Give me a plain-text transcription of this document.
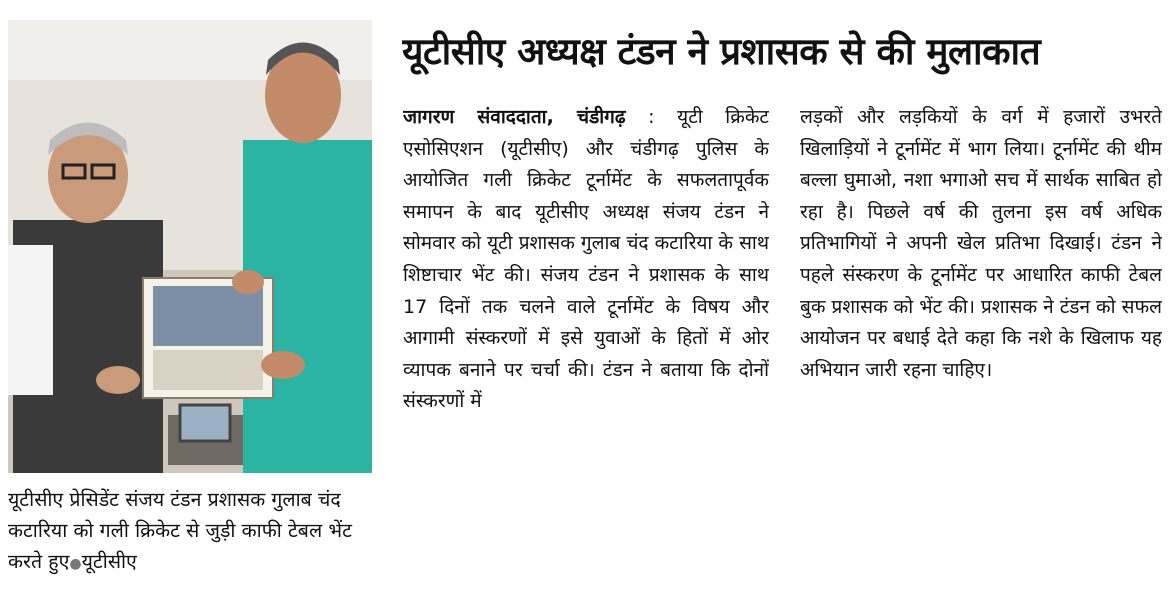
यूटीसीए अध्यक्ष टंडन ने प्रशासक से की मुलाकात
यूटीसीए प्रेसिडेंट संजय टंडन प्रशासक गुलाब चंद कटारिया को गली क्रिकेट से जुड़ी काफी टेबल भेंट करते हुए●यूटीसीए
जागरण संवाददाता, चंडीगढ़ : यूटी क्रिकेट एसोसिएशन (यूटीसीए) और चंडीगढ़ पुलिस के आयोजित गली क्रिकेट टूर्नामेंट के सफलतापूर्वक समापन के बाद यूटीसीए अध्यक्ष संजय टंडन ने सोमवार को यूटी प्रशासक गुलाब चंद कटारिया के साथ शिष्टाचार भेंट की। संजय टंडन ने प्रशासक के साथ 17 दिनों तक चलने वाले टूर्नामेंट के विषय और आगामी संस्करणों में इसे युवाओं के हितों में ओर व्यापक बनाने पर चर्चा की। टंडन ने बताया कि दोनों संस्करणों में
लड़कों और लड़कियों के वर्ग में हजारों उभरते खिलाड़ियों ने टूर्नामेंट में भाग लिया। टूर्नामेंट की थीम बल्ला घुमाओ, नशा भगाओ सच में सार्थक साबित हो रहा है। पिछले वर्ष की तुलना इस वर्ष अधिक प्रतिभागियों ने अपनी खेल प्रतिभा दिखाई। टंडन ने पहले संस्करण के टूर्नामेंट पर आधारित काफी टेबल बुक प्रशासक को भेंट की। प्रशासक ने टंडन को सफल आयोजन पर बधाई देते कहा कि नशे के खिलाफ यह अभियान जारी रहना चाहिए।
